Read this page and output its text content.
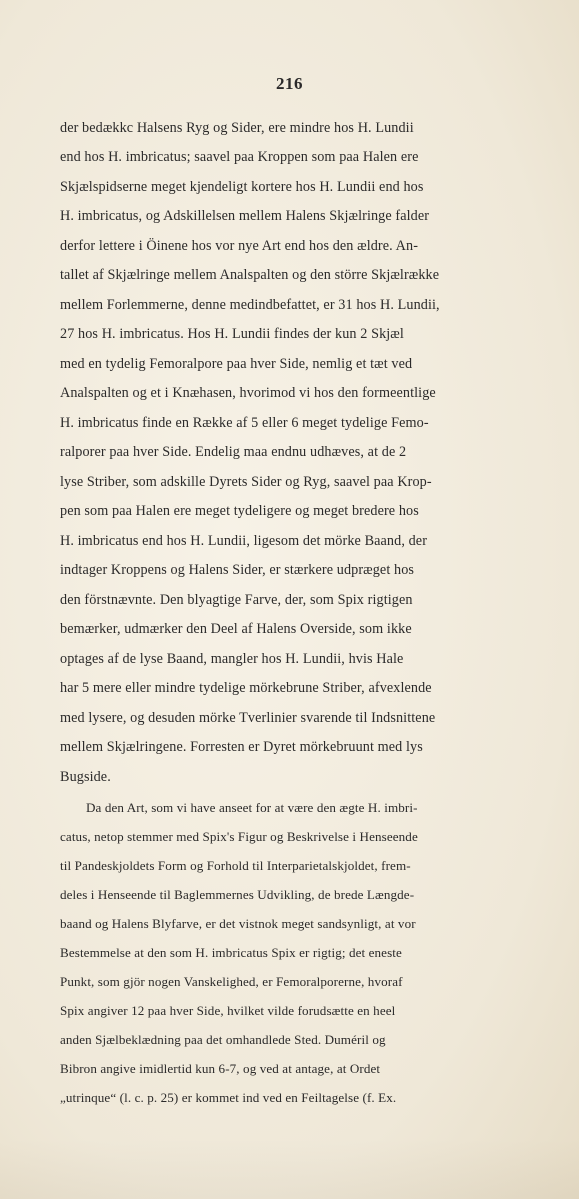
216
der bedækkc Halsens Ryg og Sider, ere mindre hos H. Lundii
end hos H. imbricatus; saavel paa Kroppen som paa Halen ere
Skjælspidserne meget kjendeligt kortere hos H. Lundii end hos
H. imbricatus, og Adskillelsen mellem Halens Skjælringe falder
derfor lettere i Öinene hos vor nye Art end hos den ældre. An-
tallet af Skjælringe mellem Analspalten og den större Skjælrække
mellem Forlemmerne, denne medindbefattet, er 31 hos H. Lundii,
27 hos H. imbricatus. Hos H. Lundii findes der kun 2 Skjæl
med en tydelig Femoralpore paa hver Side, nemlig et tæt ved
Analspalten og et i Knæhasen, hvorimod vi hos den formeentlige
H. imbricatus finde en Række af 5 eller 6 meget tydelige Femo-
ralporer paa hver Side. Endelig maa endnu udhæves, at de 2
lyse Striber, som adskille Dyrets Sider og Ryg, saavel paa Krop-
pen som paa Halen ere meget tydeligere og meget bredere hos
H. imbricatus end hos H. Lundii, ligesom det mörke Baand, der
indtager Kroppens og Halens Sider, er stærkere udpræget hos
den förstnævnte. Den blyagtige Farve, der, som Spix rigtigen
bemærker, udmærker den Deel af Halens Overside, som ikke
optages af de lyse Baand, mangler hos H. Lundii, hvis Hale
har 5 mere eller mindre tydelige mörkebrune Striber, afvexlende
med lysere, og desuden mörke Tverlinier svarende til Indsnittene
mellem Skjælringene. Forresten er Dyret mörkebruunt med lys
Bugside.
Da den Art, som vi have anseet for at være den ægte H. imbri-
catus, netop stemmer med Spix's Figur og Beskrivelse i Henseende
til Pandeskjoldets Form og Forhold til Interparietalskjoldet, frem-
deles i Henseende til Baglemmernes Udvikling, de brede Længde-
baand og Halens Blyfarve, er det vistnok meget sandsynligt, at vor
Bestemmelse at den som H. imbricatus Spix er rigtig; det eneste
Punkt, som gjör nogen Vanskelighed, er Femoralporerne, hvoraf
Spix angiver 12 paa hver Side, hvilket vilde forudsætte en heel
anden Sjælbeklædning paa det omhandlede Sted. Duméril og
Bibron angive imidlertid kun 6-7, og ved at antage, at Ordet
„utrinque“ (l. c. p. 25) er kommet ind ved en Feiltagelse (f. Ex.
